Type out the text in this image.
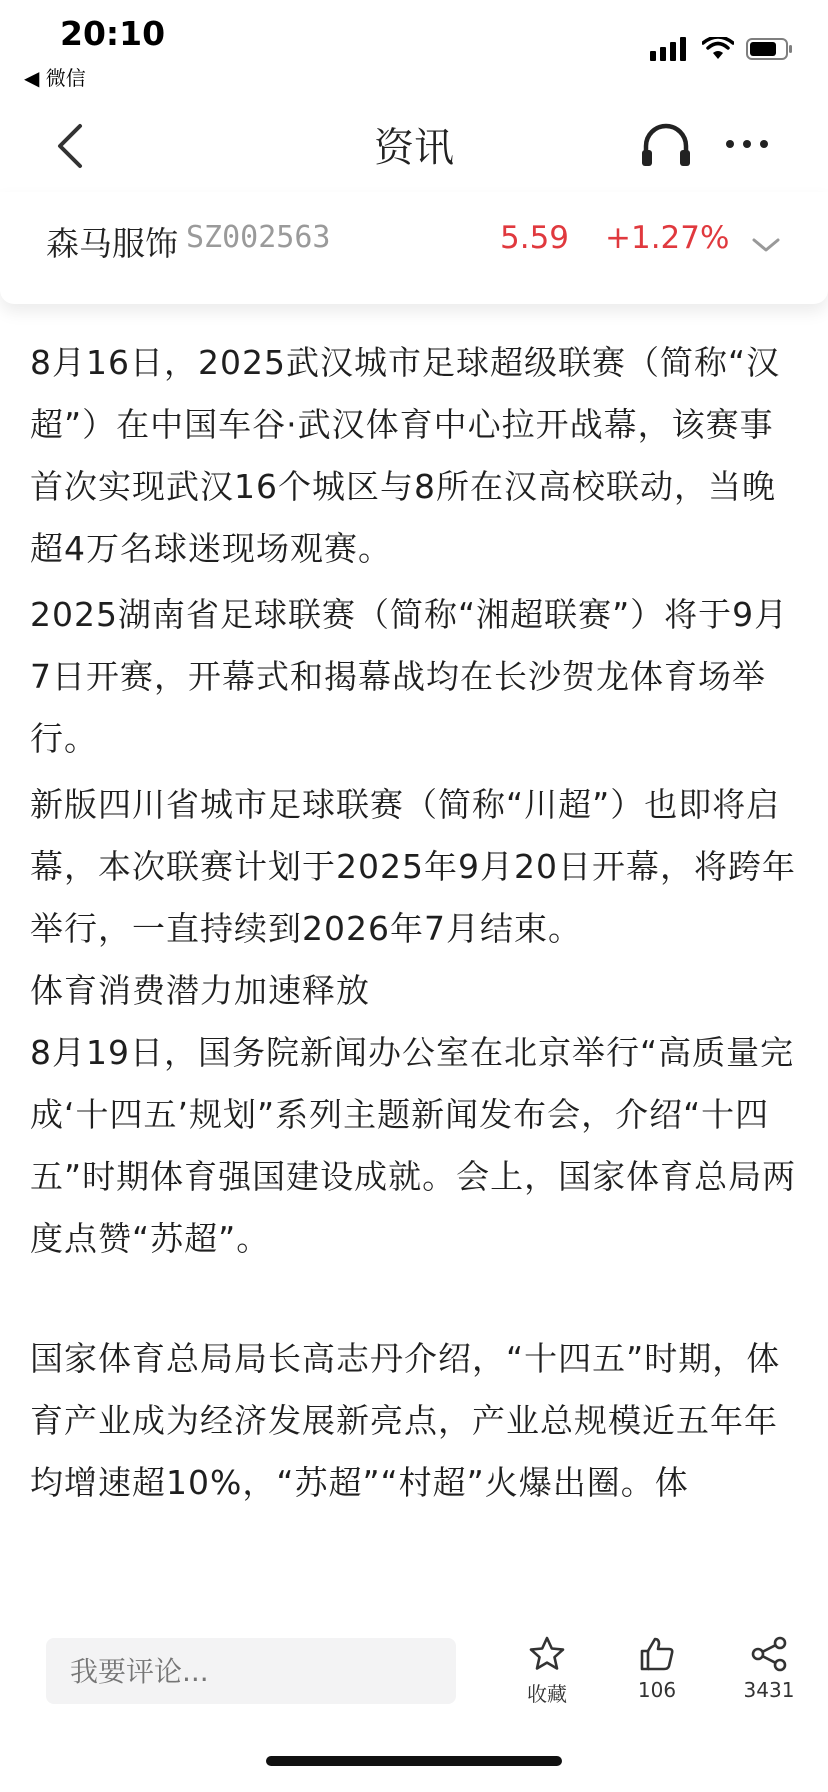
8月16日，2025武汉城市足球超级联赛（简称“汉超”）在中国车谷·武汉体育中心拉开战幕，该赛事首次实现武汉16个城区与8所在汉高校联动，当晚超4万名球迷现场观赛。

2025湖南省足球联赛（简称“湘超联赛”）将于9月7日开赛，开幕式和揭幕战均在长沙贺龙体育场举行。

新版四川省城市足球联赛（简称“川超”）也即将启幕，本次联赛计划于2025年9月20日开幕，将跨年举行，一直持续到2026年7月结束。

体育消费潜力加速释放

8月19日，国务院新闻办公室在北京举行“高质量完成‘十四五’规划”系列主题新闻发布会，介绍“十四五”时期体育强国建设成就。会上，国家体育总局两度点赞“苏超”。

国家体育总局局长高志丹介绍，“十四五”时期，体育产业成为经济发展新亮点，产业总规模近五年年均增速超10%，“苏超”“村超”火爆出圈。体

20:10
◀ 微信
资讯
森马服饰 SZ002563	5.59 +1.27%
我要评论...
收藏	106	3431
